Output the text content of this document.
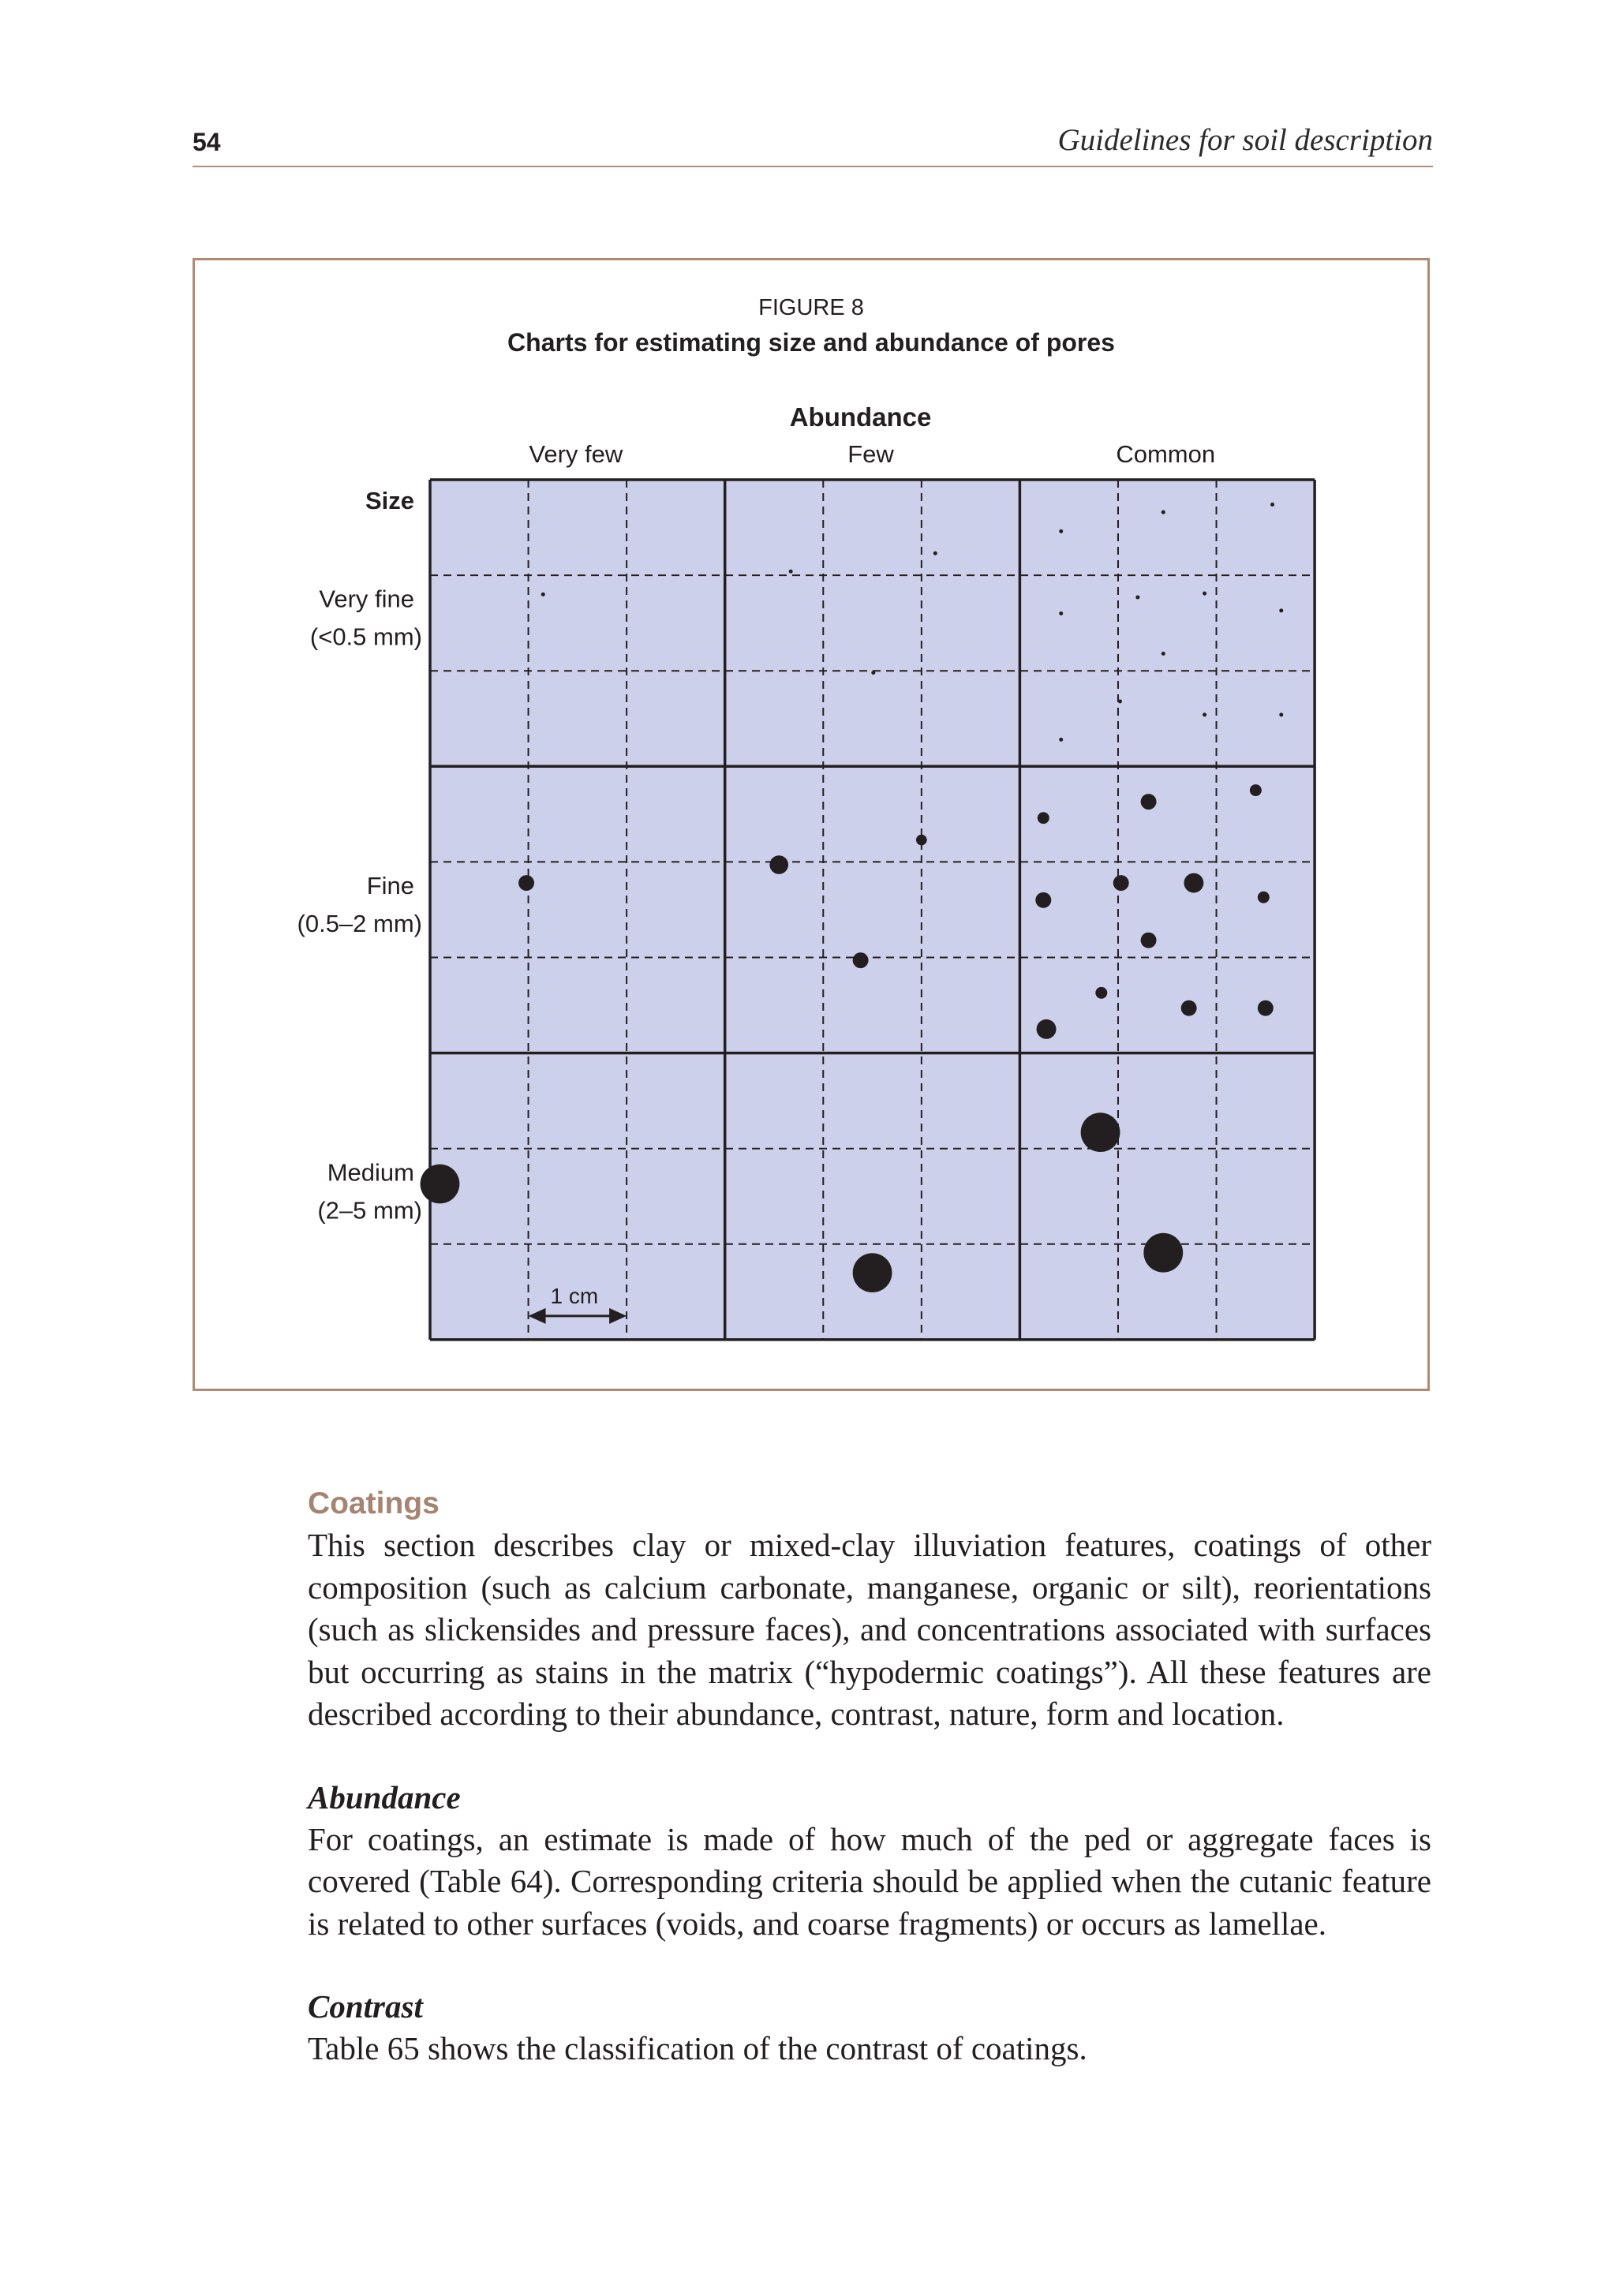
54	Guidelines for soil description
FIGURE 8
Charts for estimating size and abundance of pores
Abundance
Very few	Few	Common
Size
Very fine
(<0.5 mm)
Fine
(0.5–2 mm)
Medium
(2–5 mm)
1 cm
Coatings

This section describes clay or mixed-clay illuviation features, coatings of other composition (such as calcium carbonate, manganese, organic or silt), reorientations (such as slickensides and pressure faces), and concentrations associated with surfaces but occurring as stains in the matrix (“hypodermic coatings”). All these features are described according to their abundance, contrast, nature, form and location.

Abundance

For coatings, an estimate is made of how much of the ped or aggregate faces is covered (Table 64). Corresponding criteria should be applied when the cutanic feature is related to other surfaces (voids, and coarse fragments) or occurs as lamellae.

Contrast

Table 65 shows the classification of the contrast of coatings.
